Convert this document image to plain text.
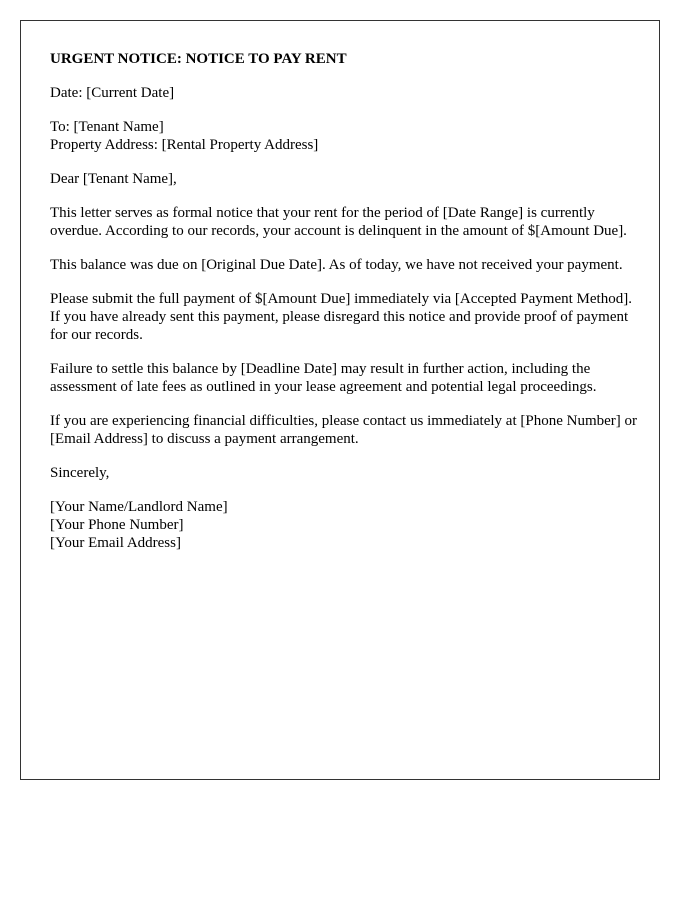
URGENT NOTICE: NOTICE TO PAY RENT
Date: [Current Date]
To: [Tenant Name]
Property Address: [Rental Property Address]
Dear [Tenant Name],
This letter serves as formal notice that your rent for the period of [Date Range] is currently overdue. According to our records, your account is delinquent in the amount of $[Amount Due].
This balance was due on [Original Due Date]. As of today, we have not received your payment.
Please submit the full payment of $[Amount Due] immediately via [Accepted Payment Method]. If you have already sent this payment, please disregard this notice and provide proof of payment for our records.
Failure to settle this balance by [Deadline Date] may result in further action, including the assessment of late fees as outlined in your lease agreement and potential legal proceedings.
If you are experiencing financial difficulties, please contact us immediately at [Phone Number] or [Email Address] to discuss a payment arrangement.
Sincerely,
[Your Name/Landlord Name]
[Your Phone Number]
[Your Email Address]
